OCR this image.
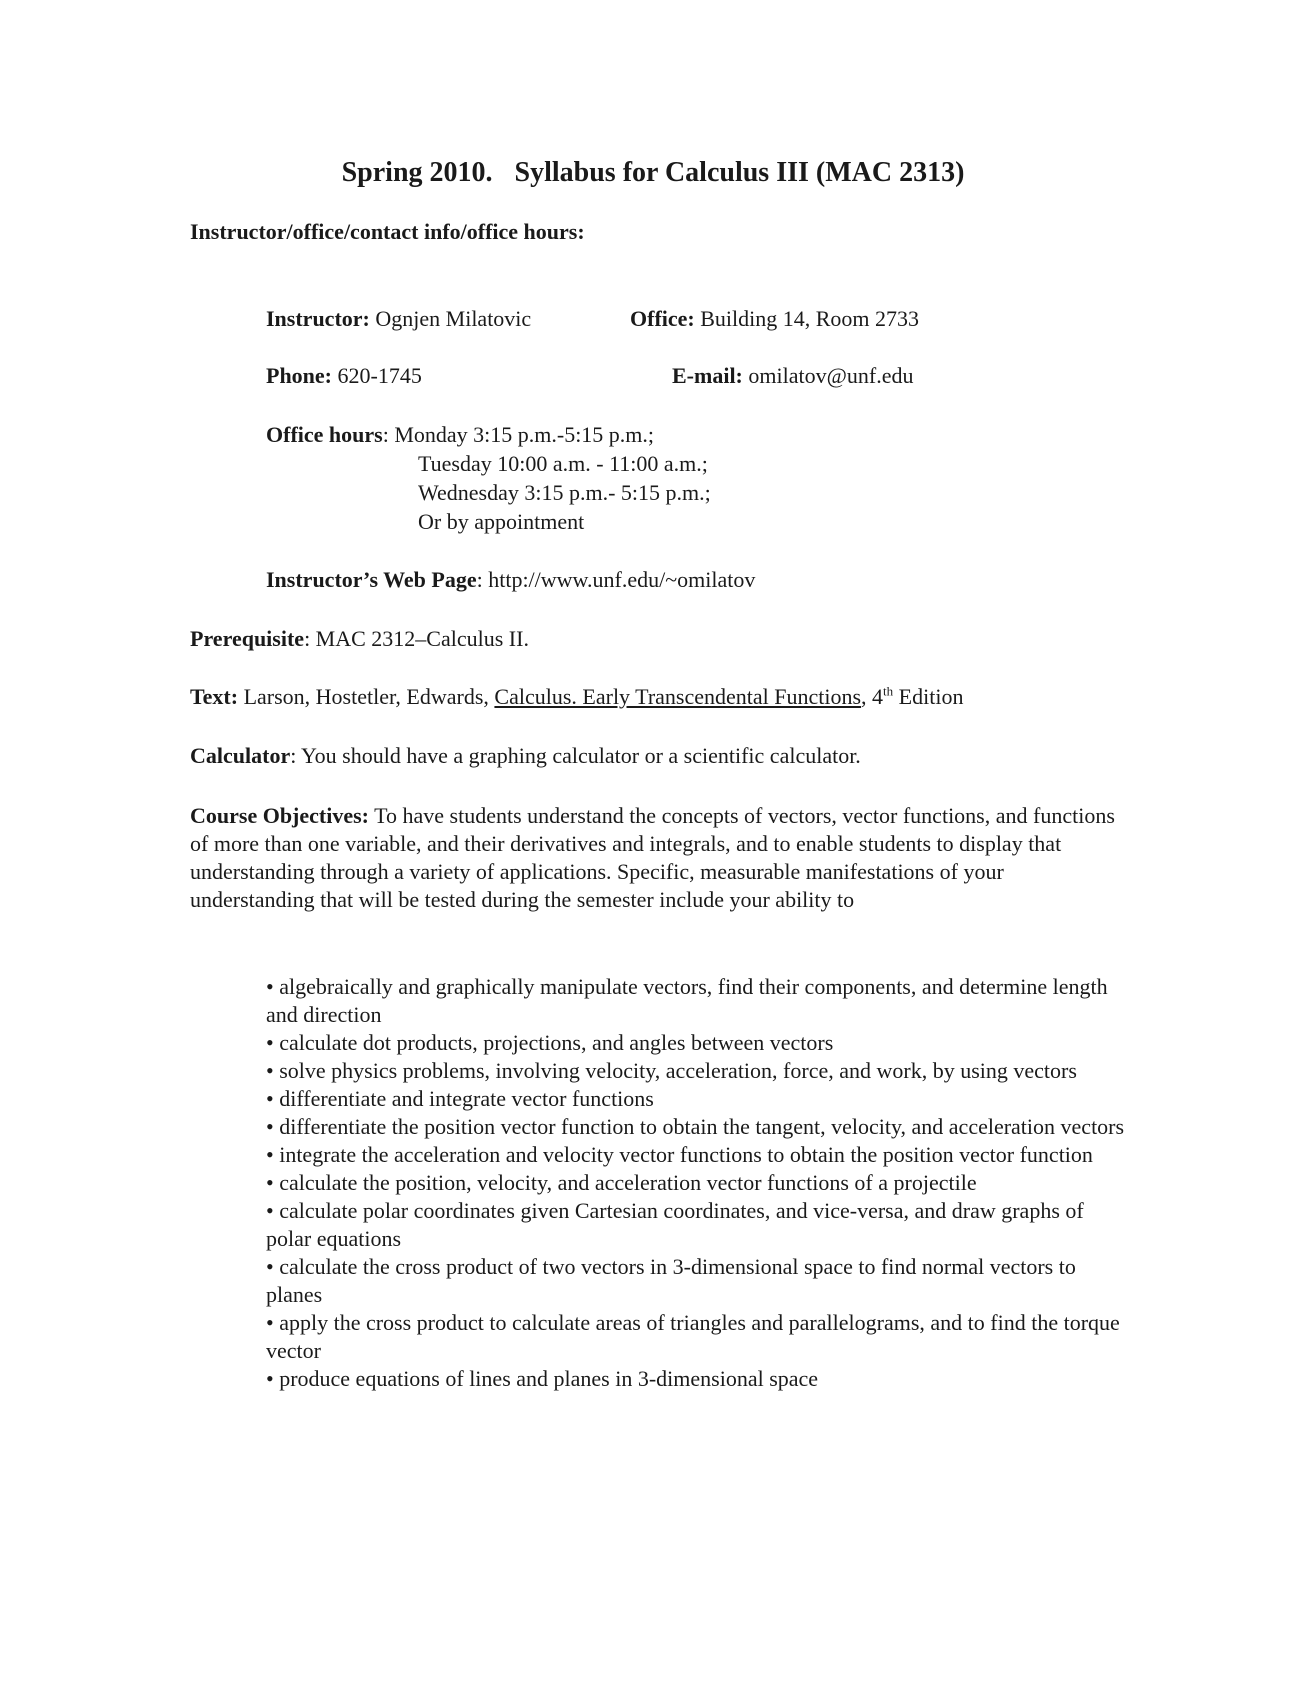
Spring 2010. Syllabus for Calculus III (MAC 2313)
Instructor/office/contact info/office hours:
Instructor: Ognjen Milatovic	Office: Building 14, Room 2733
Phone: 620-1745	E-mail: omilatov@unf.edu
Office hours: Monday 3:15 p.m.-5:15 p.m.;
Tuesday 10:00 a.m. - 11:00 a.m.;
Wednesday 3:15 p.m.- 5:15 p.m.;
Or by appointment
Instructor’s Web Page: http://www.unf.edu/~omilatov
Prerequisite: MAC 2312–Calculus II.
Text: Larson, Hostetler, Edwards, Calculus. Early Transcendental Functions, 4th Edition
Calculator: You should have a graphing calculator or a scientific calculator.

Course Objectives: To have students understand the concepts of vectors, vector functions, and functions of more than one variable, and their derivatives and integrals, and to enable students to display that understanding through a variety of applications. Specific, measurable manifestations of your understanding that will be tested during the semester include your ability to

• algebraically and graphically manipulate vectors, find their components, and determine length and direction
• calculate dot products, projections, and angles between vectors
• solve physics problems, involving velocity, acceleration, force, and work, by using vectors
• differentiate and integrate vector functions
• differentiate the position vector function to obtain the tangent, velocity, and acceleration vectors
• integrate the acceleration and velocity vector functions to obtain the position vector function
• calculate the position, velocity, and acceleration vector functions of a projectile
• calculate polar coordinates given Cartesian coordinates, and vice-versa, and draw graphs of polar equations
• calculate the cross product of two vectors in 3-dimensional space to find normal vectors to planes
• apply the cross product to calculate areas of triangles and parallelograms, and to find the torque vector
• produce equations of lines and planes in 3-dimensional space
